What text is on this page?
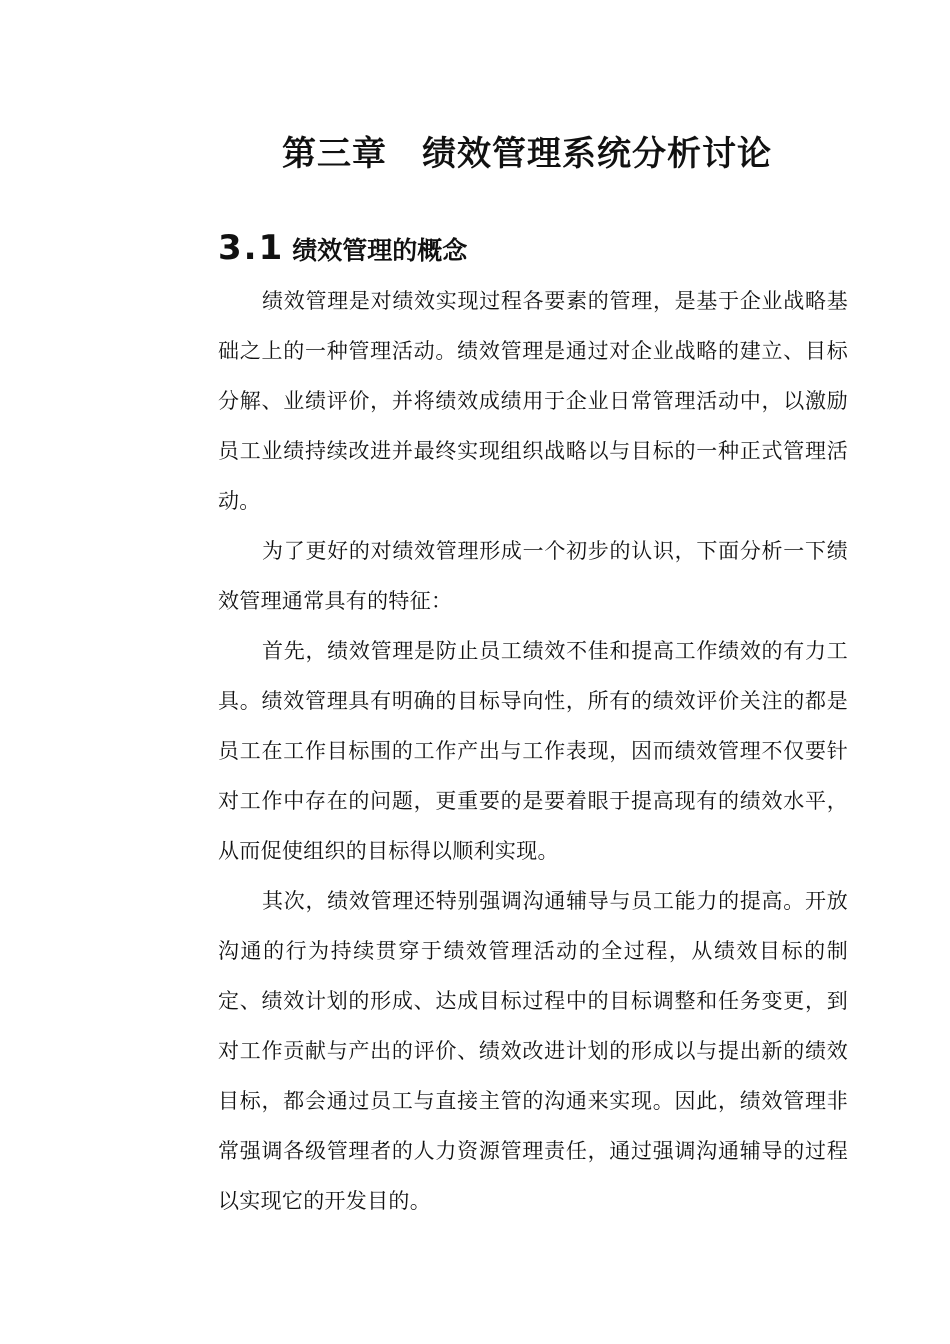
第三章　绩效管理系统分析讨论
3.1 绩效管理的概念

绩效管理是对绩效实现过程各要素的管理，是基于企业战略基础之上的一种管理活动。绩效管理是通过对企业战略的建立、目标分解、业绩评价，并将绩效成绩用于企业日常管理活动中，以激励员工业绩持续改进并最终实现组织战略以与目标的一种正式管理活动。

为了更好的对绩效管理形成一个初步的认识，下面分析一下绩效管理通常具有的特征：

首先，绩效管理是防止员工绩效不佳和提高工作绩效的有力工具。绩效管理具有明确的目标导向性，所有的绩效评价关注的都是员工在工作目标围的工作产出与工作表现，因而绩效管理不仅要针对工作中存在的问题，更重要的是要着眼于提高现有的绩效水平，从而促使组织的目标得以顺利实现。

其次，绩效管理还特别强调沟通辅导与员工能力的提高。开放沟通的行为持续贯穿于绩效管理活动的全过程，从绩效目标的制定、绩效计划的形成、达成目标过程中的目标调整和任务变更，到对工作贡献与产出的评价、绩效改进计划的形成以与提出新的绩效目标，都会通过员工与直接主管的沟通来实现。因此，绩效管理非常强调各级管理者的人力资源管理责任，通过强调沟通辅导的过程以实现它的开发目的。
